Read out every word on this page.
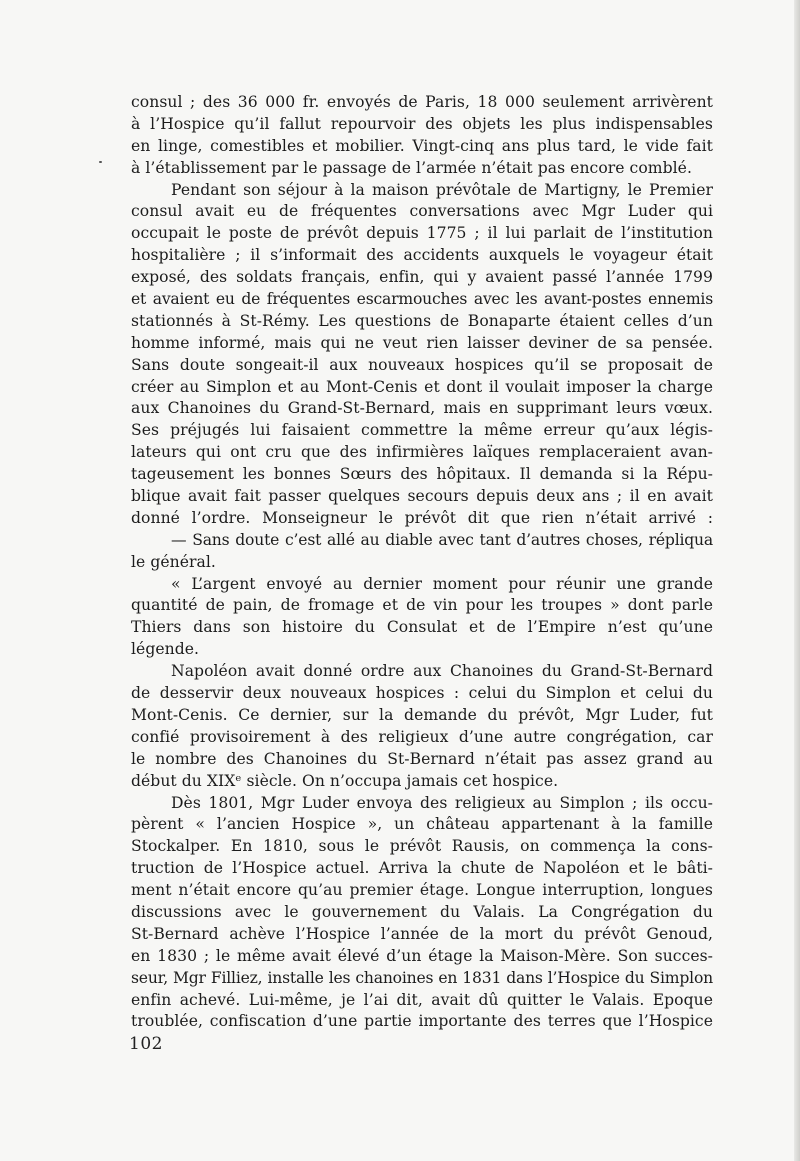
consul ; des 36 000 fr. envoyés de Paris, 18 000 seulement arrivèrent
à l’Hospice qu’il fallut repourvoir des objets les plus indispensables
en linge, comestibles et mobilier. Vingt-cinq ans plus tard, le vide fait
à l’établissement par le passage de l’armée n’était pas encore comblé.
Pendant son séjour à la maison prévôtale de Martigny, le Premier
consul avait eu de fréquentes conversations avec Mgr Luder qui
occupait le poste de prévôt depuis 1775 ; il lui parlait de l’institution
hospitalière ; il s’informait des accidents auxquels le voyageur était
exposé, des soldats français, enfin, qui y avaient passé l’année 1799
et avaient eu de fréquentes escarmouches avec les avant-postes ennemis
stationnés à St-Rémy. Les questions de Bonaparte étaient celles d’un
homme informé, mais qui ne veut rien laisser deviner de sa pensée.
Sans doute songeait-il aux nouveaux hospices qu’il se proposait de
créer au Simplon et au Mont-Cenis et dont il voulait imposer la charge
aux Chanoines du Grand-St-Bernard, mais en supprimant leurs vœux.
Ses préjugés lui faisaient commettre la même erreur qu’aux légis-
lateurs qui ont cru que des infirmières laïques remplaceraient avan-
tageusement les bonnes Sœurs des hôpitaux. Il demanda si la Répu-
blique avait fait passer quelques secours depuis deux ans ; il en avait
donné l’ordre. Monseigneur le prévôt dit que rien n’était arrivé :
— Sans doute c’est allé au diable avec tant d’autres choses, répliqua
le général.
« L’argent envoyé au dernier moment pour réunir une grande
quantité de pain, de fromage et de vin pour les troupes » dont parle
Thiers dans son histoire du Consulat et de l’Empire n’est qu’une
légende.
Napoléon avait donné ordre aux Chanoines du Grand-St-Bernard
de desservir deux nouveaux hospices : celui du Simplon et celui du
Mont-Cenis. Ce dernier, sur la demande du prévôt, Mgr Luder, fut
confié provisoirement à des religieux d’une autre congrégation, car
le nombre des Chanoines du St-Bernard n’était pas assez grand au
début du XIXᵉ siècle. On n’occupa jamais cet hospice.
Dès 1801, Mgr Luder envoya des religieux au Simplon ; ils occu-
pèrent « l’ancien Hospice », un château appartenant à la famille
Stockalper. En 1810, sous le prévôt Rausis, on commença la cons-
truction de l’Hospice actuel. Arriva la chute de Napoléon et le bâti-
ment n’était encore qu’au premier étage. Longue interruption, longues
discussions avec le gouvernement du Valais. La Congrégation du
St-Bernard achève l’Hospice l’année de la mort du prévôt Genoud,
en 1830 ; le même avait élevé d’un étage la Maison-Mère. Son succes-
seur, Mgr Filliez, installe les chanoines en 1831 dans l’Hospice du Simplon
enfin achevé. Lui-même, je l’ai dit, avait dû quitter le Valais. Epoque
troublée, confiscation d’une partie importante des terres que l’Hospice
102
